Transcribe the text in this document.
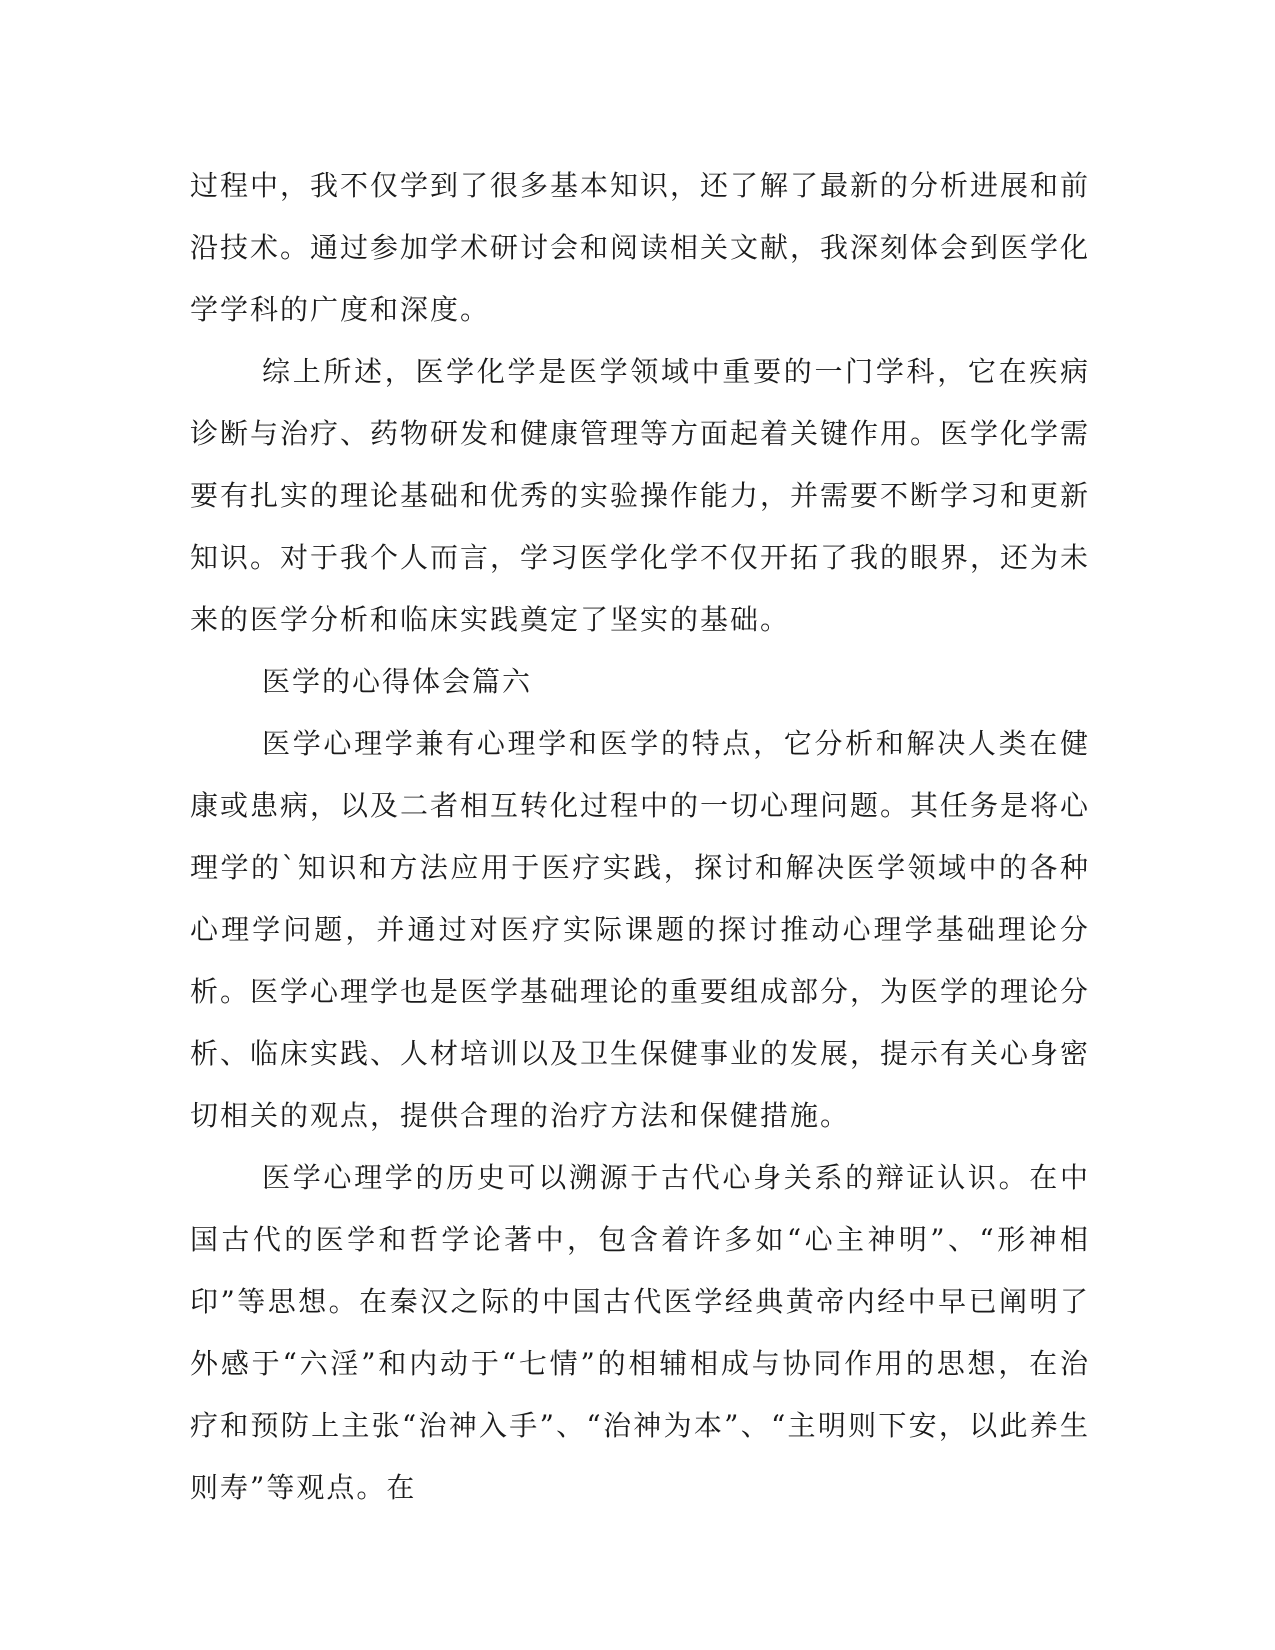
过程中，我不仅学到了很多基本知识，还了解了最新的分析进展和前沿技术。通过参加学术研讨会和阅读相关文献，我深刻体会到医学化学学科的广度和深度。

综上所述，医学化学是医学领域中重要的一门学科，它在疾病诊断与治疗、药物研发和健康管理等方面起着关键作用。医学化学需要有扎实的理论基础和优秀的实验操作能力，并需要不断学习和更新知识。对于我个人而言，学习医学化学不仅开拓了我的眼界，还为未来的医学分析和临床实践奠定了坚实的基础。

医学的心得体会篇六

医学心理学兼有心理学和医学的特点，它分析和解决人类在健康或患病，以及二者相互转化过程中的一切心理问题。其任务是将心理学的`知识和方法应用于医疗实践，探讨和解决医学领域中的各种心理学问题，并通过对医疗实际课题的探讨推动心理学基础理论分析。医学心理学也是医学基础理论的重要组成部分，为医学的理论分析、临床实践、人材培训以及卫生保健事业的发展，提示有关心身密切相关的观点，提供合理的治疗方法和保健措施。

医学心理学的历史可以溯源于古代心身关系的辩证认识。在中国古代的医学和哲学论著中，包含着许多如“心主神明”、“形神相印”等思想。在秦汉之际的中国古代医学经典黄帝内经中早已阐明了外感于“六淫”和内动于“七情”的相辅相成与协同作用的思想，在治疗和预防上主张“治神入手”、“治神为本”、“主明则下安，以此养生则寿”等观点。在
